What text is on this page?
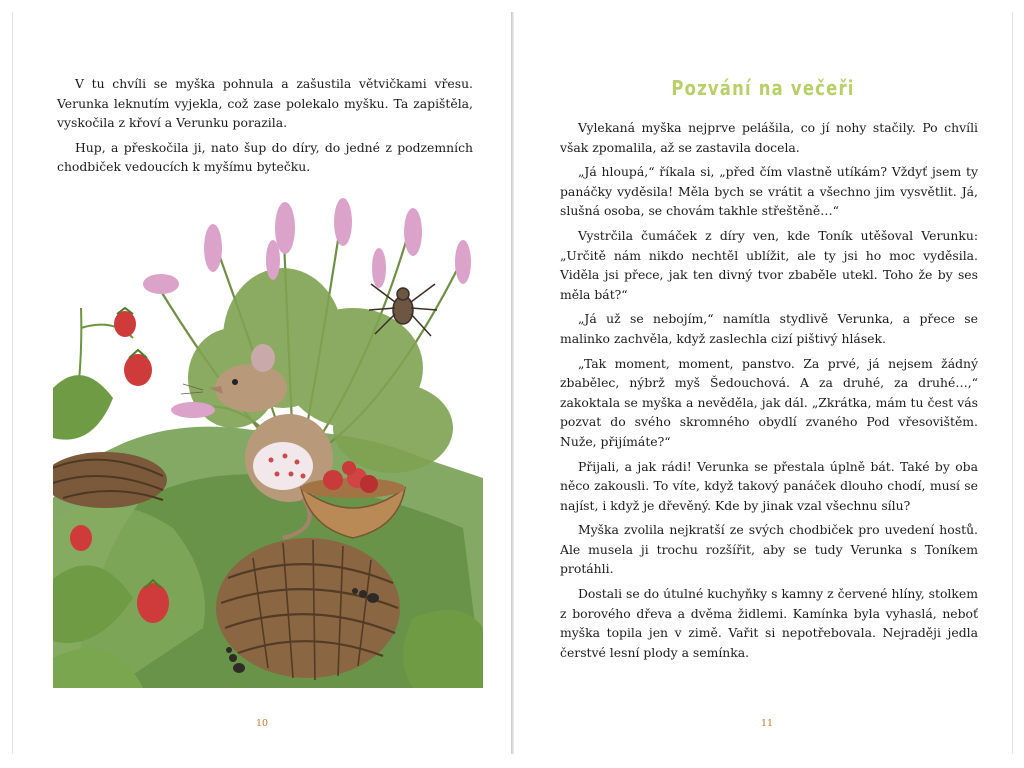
V tu chvíli se myška pohnula a zašustila větvičkami vřesu. Verunka leknutím vyjekla, což zase polekalo myšku. Ta zapištěla, vyskočila z křoví a Verunku porazila.

Hup, a přeskočila ji, nato šup do díry, do jedné z podzemních chodbiček vedoucích k myšímu bytečku.

10
Pozvání na večeři

Vylekaná myška nejprve pelášila, co jí nohy stačily. Po chvíli však zpomalila, až se zastavila docela.

„Já hloupá,“ říkala si, „před čím vlastně utíkám? Vždyť jsem ty panáčky vyděsila! Měla bych se vrátit a všechno jim vysvětlit. Já, slušná osoba, se chovám takhle střeštěně…“

Vystrčila čumáček z díry ven, kde Toník utěšoval Verunku: „Určitě nám nikdo nechtěl ublížit, ale ty jsi ho moc vyděsila. Viděla jsi přece, jak ten divný tvor zbaběle utekl. Toho že by ses měla bát?“

„Já už se nebojím,“ namítla stydlivě Verunka, a přece se malinko zachvěla, když zaslechla cizí pištivý hlásek.

„Tak moment, moment, panstvo. Za prvé, já nejsem žádný zbabělec, nýbrž myš Šedouchová. A za druhé, za druhé…,“ zakoktala se myška a nevěděla, jak dál. „Zkrátka, mám tu čest vás pozvat do svého skromného obydlí zvaného Pod vřesovištěm. Nuže, přijímáte?“

Přijali, a jak rádi! Verunka se přestala úplně bát. Také by oba něco zakousli. To víte, když takový panáček dlouho chodí, musí se najíst, i když je dřevěný. Kde by jinak vzal všechnu sílu?

Myška zvolila nejkratší ze svých chodbiček pro uvedení hostů. Ale musela ji trochu rozšířit, aby se tudy Verunka s Toníkem protáhli.

Dostali se do útulné kuchyňky s kamny z červené hlíny, stolkem z borového dřeva a dvěma židlemi. Kamínka byla vyhaslá, neboť myška topila jen v zimě. Vařit si nepotřebovala. Nejraději jedla čerstvé lesní plody a semínka.

11
